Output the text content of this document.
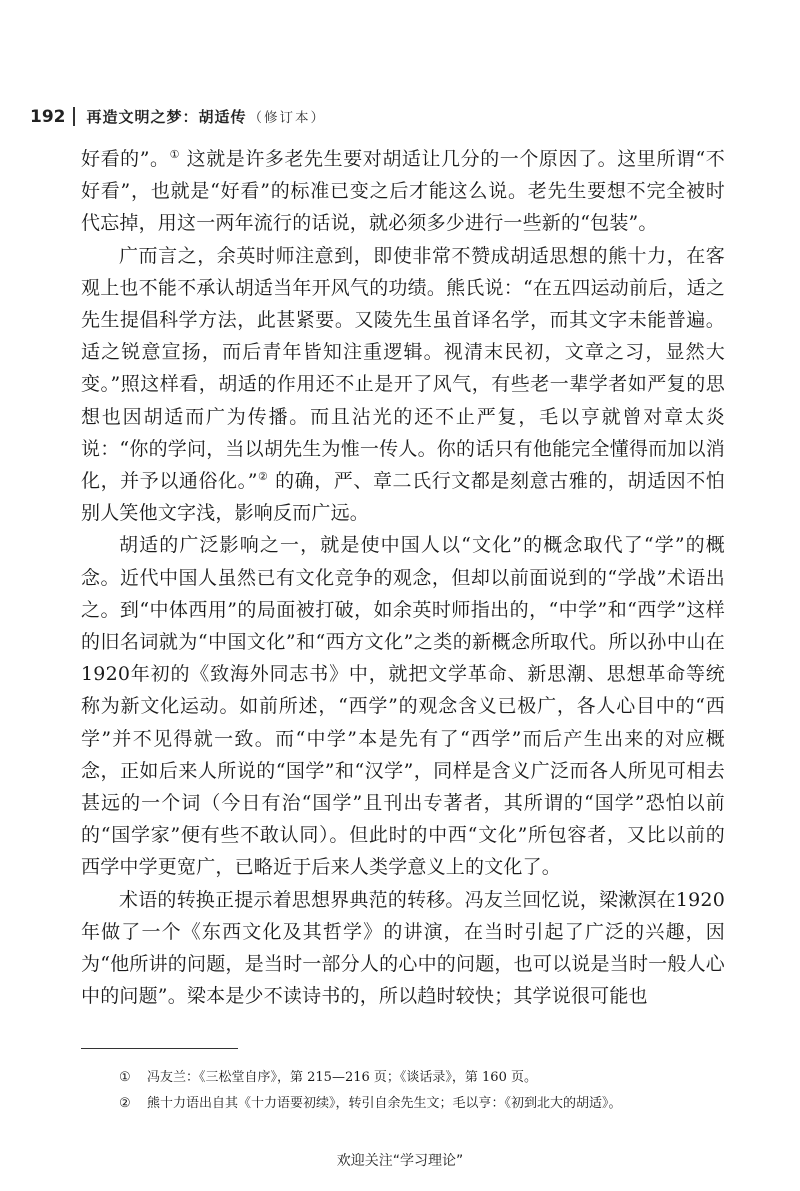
192 再造文明之梦：胡适传 （修订本）

好看的”。① 这就是许多老先生要对胡适让几分的一个原因了。这里所谓“不好看”，也就是“好看”的标准已变之后才能这么说。老先生要想不完全被时代忘掉，用这一两年流行的话说，就必须多少进行一些新的“包装”。

广而言之，余英时师注意到，即使非常不赞成胡适思想的熊十力，在客观上也不能不承认胡适当年开风气的功绩。熊氏说：“在五四运动前后，适之先生提倡科学方法，此甚紧要。又陵先生虽首译名学，而其文字未能普遍。适之锐意宣扬，而后青年皆知注重逻辑。视清末民初，文章之习，显然大变。”照这样看，胡适的作用还不止是开了风气，有些老一辈学者如严复的思想也因胡适而广为传播。而且沾光的还不止严复，毛以亨就曾对章太炎说：“你的学问，当以胡先生为惟一传人。你的话只有他能完全懂得而加以消化，并予以通俗化。”② 的确，严、章二氏行文都是刻意古雅的，胡适因不怕别人笑他文字浅，影响反而广远。

胡适的广泛影响之一，就是使中国人以“文化”的概念取代了“学”的概念。近代中国人虽然已有文化竞争的观念，但却以前面说到的“学战”术语出之。到“中体西用”的局面被打破，如余英时师指出的，“中学”和“西学”这样的旧名词就为“中国文化”和“西方文化”之类的新概念所取代。所以孙中山在1920年初的《致海外同志书》中，就把文学革命、新思潮、思想革命等统称为新文化运动。如前所述，“西学”的观念含义已极广，各人心目中的“西学”并不见得就一致。而“中学”本是先有了“西学”而后产生出来的对应概念，正如后来人所说的“国学”和“汉学”，同样是含义广泛而各人所见可相去甚远的一个词（今日有治“国学”且刊出专著者，其所谓的“国学”恐怕以前的“国学家”便有些不敢认同）。但此时的中西“文化”所包容者，又比以前的西学中学更宽广，已略近于后来人类学意义上的文化了。

术语的转换正提示着思想界典范的转移。冯友兰回忆说，梁漱溟在1920年做了一个《东西文化及其哲学》的讲演，在当时引起了广泛的兴趣，因为“他所讲的问题，是当时一部分人的心中的问题，也可以说是当时一般人心中的问题”。梁本是少不读诗书的，所以趋时较快；其学说很可能也

①	冯友兰：《三松堂自序》，第 215—216 页；《谈话录》，第 160 页。
②	熊十力语出自其《十力语要初续》，转引自余先生文；毛以亨：《初到北大的胡适》。
欢迎关注“学习理论”
